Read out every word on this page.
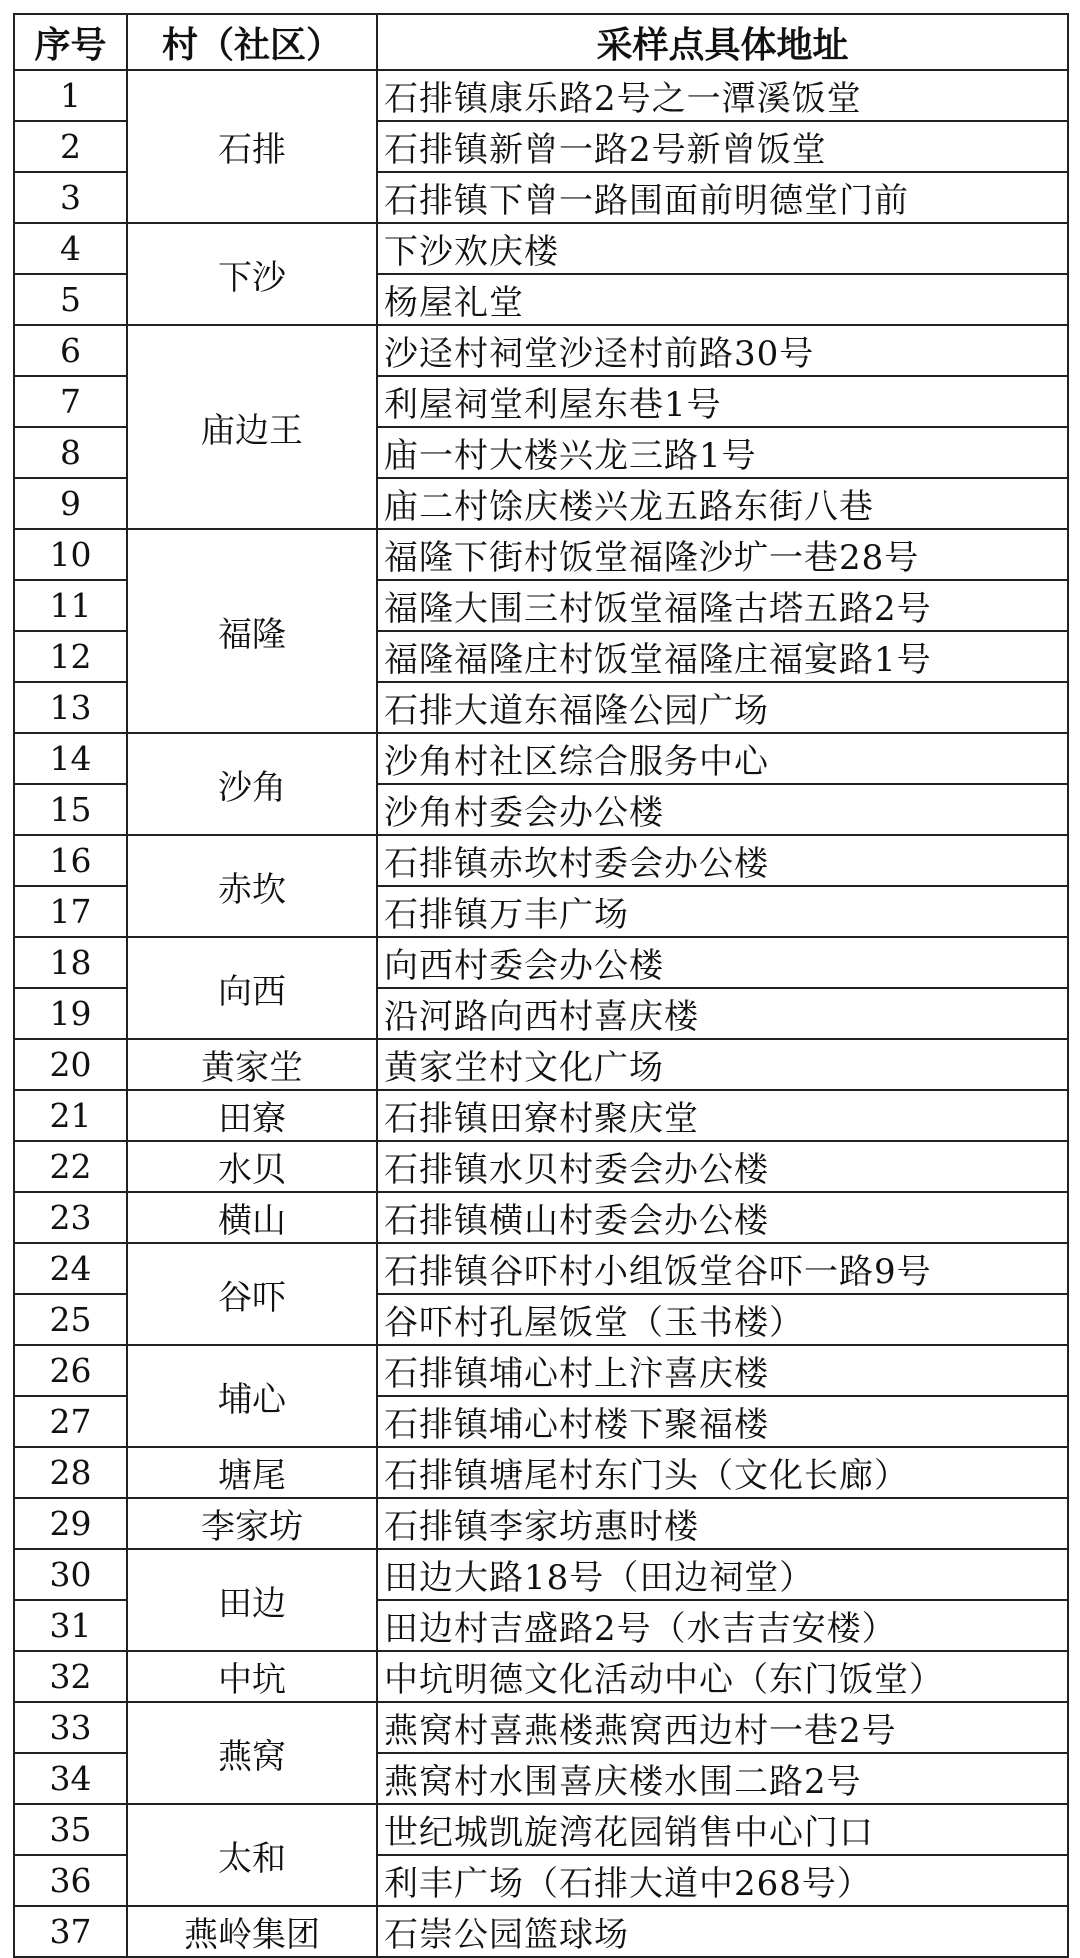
序号	村（社区）	采样点具体地址
1	石排	石排镇康乐路2号之一潭溪饭堂
2		石排镇新曾一路2号新曾饭堂
3		石排镇下曾一路围面前明德堂门前
4	下沙	下沙欢庆楼
5		杨屋礼堂
6	庙边王	沙迳村祠堂沙迳村前路30号
7		利屋祠堂利屋东巷1号
8		庙一村大楼兴龙三路1号
9		庙二村馀庆楼兴龙五路东街八巷
10	福隆	福隆下街村饭堂福隆沙圹一巷28号
11		福隆大围三村饭堂福隆古塔五路2号
12		福隆福隆庄村饭堂福隆庄福宴路1号
13		石排大道东福隆公园广场
14	沙角	沙角村社区综合服务中心
15		沙角村委会办公楼
16	赤坎	石排镇赤坎村委会办公楼
17		石排镇万丰广场
18	向西	向西村委会办公楼
19		沿河路向西村喜庆楼
20	黄家坣	黄家坣村文化广场
21	田寮	石排镇田寮村聚庆堂
22	水贝	石排镇水贝村委会办公楼
23	横山	石排镇横山村委会办公楼
24	谷吓	石排镇谷吓村小组饭堂谷吓一路9号
25		谷吓村孔屋饭堂（玉书楼）
26	埔心	石排镇埔心村上汴喜庆楼
27		石排镇埔心村楼下聚福楼
28	塘尾	石排镇塘尾村东门头（文化长廊）
29	李家坊	石排镇李家坊惠时楼
30	田边	田边大路18号（田边祠堂）
31		田边村吉盛路2号（水吉吉安楼）
32	中坑	中坑明德文化活动中心（东门饭堂）
33	燕窝	燕窝村喜燕楼燕窝西边村一巷2号
34		燕窝村水围喜庆楼水围二路2号
35	太和	世纪城凯旋湾花园销售中心门口
36		利丰广场（石排大道中268号）
37	燕岭集团	石崇公园篮球场
